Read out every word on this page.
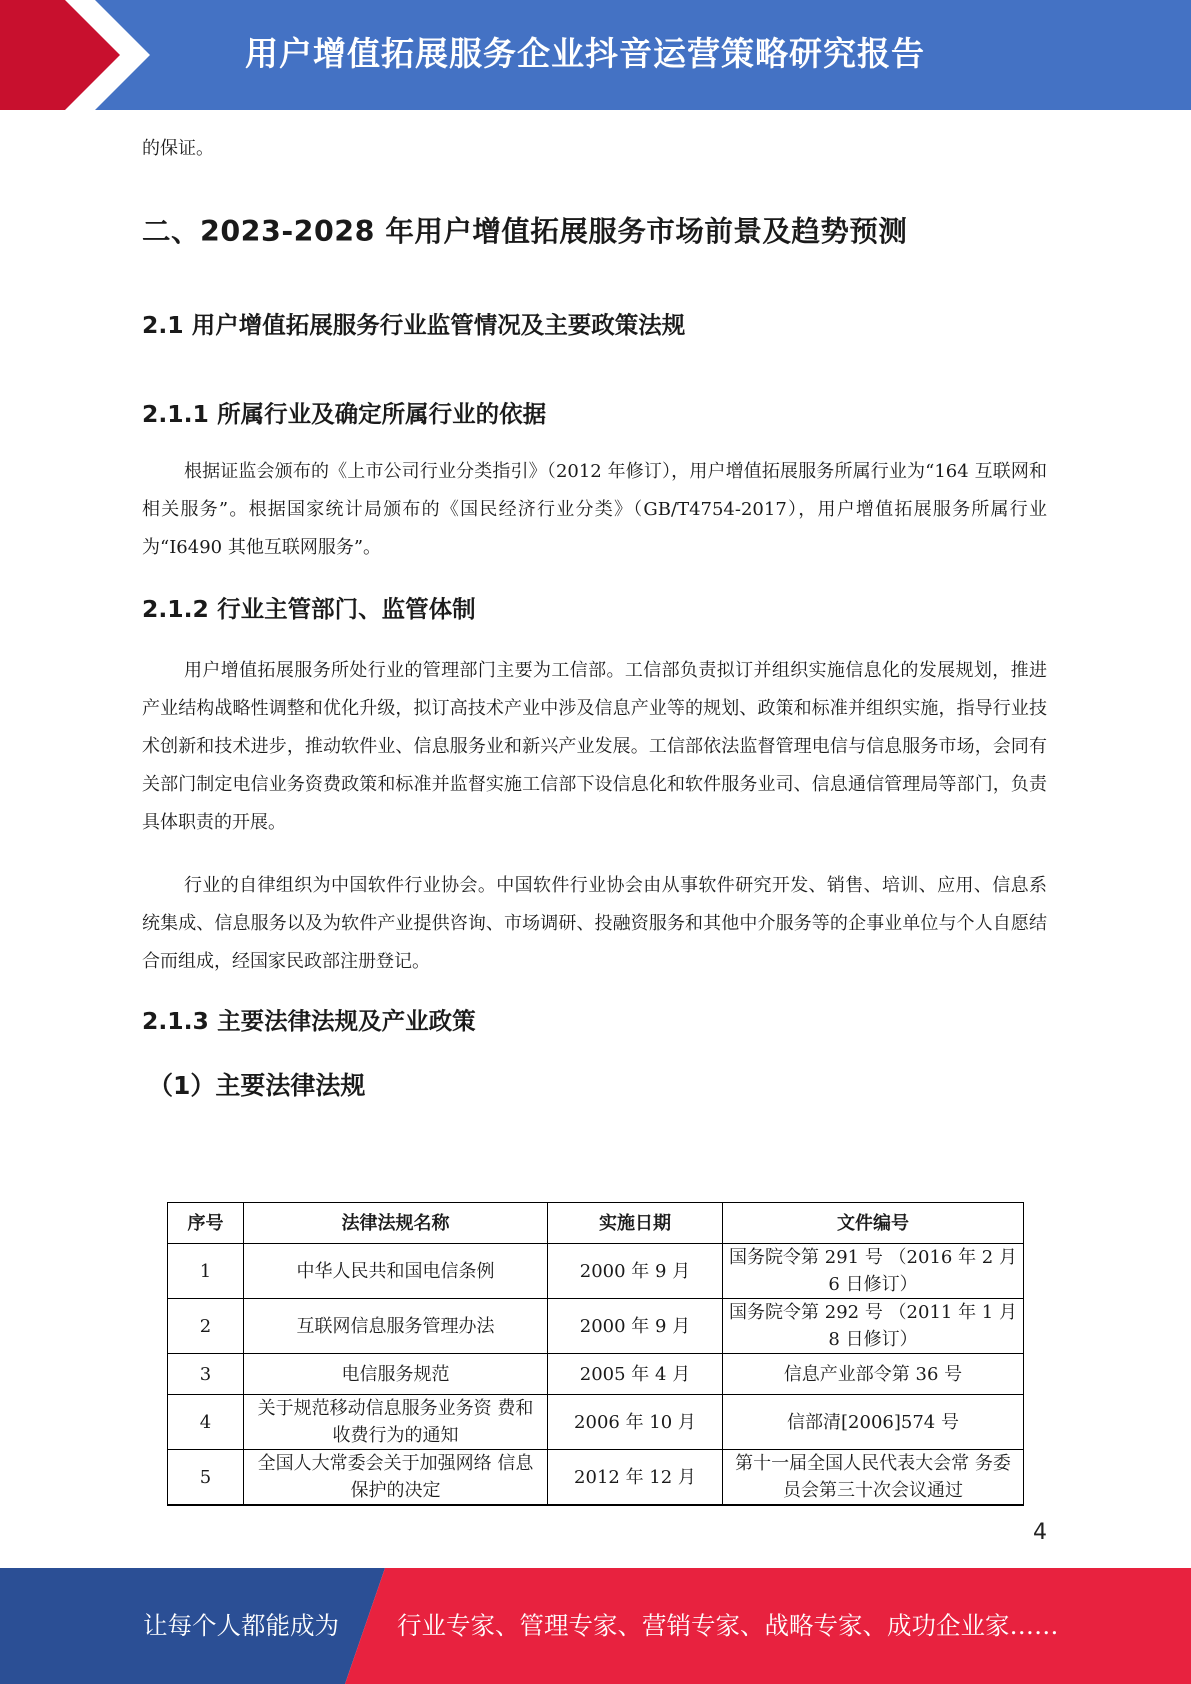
用户增值拓展服务企业抖音运营策略研究报告

的保证。

二、2023-2028 年用户增值拓展服务市场前景及趋势预测
2.1 用户增值拓展服务行业监管情况及主要政策法规
2.1.1 所属行业及确定所属行业的依据

根据证监会颁布的《上市公司行业分类指引》（2012 年修订），用户增值拓展服务所属行业为“164 互联网和相关服务”。根据国家统计局颁布的《国民经济行业分类》（GB/T4754-2017），用户增值拓展服务所属行业为“I6490 其他互联网服务”。

2.1.2 行业主管部门、监管体制

用户增值拓展服务所处行业的管理部门主要为工信部。工信部负责拟订并组织实施信息化的发展规划，推进产业结构战略性调整和优化升级，拟订高技术产业中涉及信息产业等的规划、政策和标准并组织实施，指导行业技术创新和技术进步，推动软件业、信息服务业和新兴产业发展。工信部依法监督管理电信与信息服务市场，会同有关部门制定电信业务资费政策和标准并监督实施工信部下设信息化和软件服务业司、信息通信管理局等部门，负责具体职责的开展。

行业的自律组织为中国软件行业协会。中国软件行业协会由从事软件研究开发、销售、培训、应用、信息系统集成、信息服务以及为软件产业提供咨询、市场调研、投融资服务和其他中介服务等的企事业单位与个人自愿结合而组成，经国家民政部注册登记。

2.1.3 主要法律法规及产业政策
（1）主要法律法规
序号	法律法规名称	实施日期	文件编号
1	中华人民共和国电信条例	2000 年 9 月	国务院令第 291 号 （2016 年 2 月 6 日修订）
2	互联网信息服务管理办法	2000 年 9 月	国务院令第 292 号 （2011 年 1 月 8 日修订）
3	电信服务规范	2005 年 4 月	信息产业部令第 36 号
4	关于规范移动信息服务业务资 费和收费行为的通知	2006 年 10 月	信部清[2006]574 号
5	全国人大常委会关于加强网络 信息保护的决定	2012 年 12 月	第十一届全国人民代表大会常 务委员会第三十次会议通过
4
让每个人都能成为 行业专家、管理专家、营销专家、战略专家、成功企业家……
